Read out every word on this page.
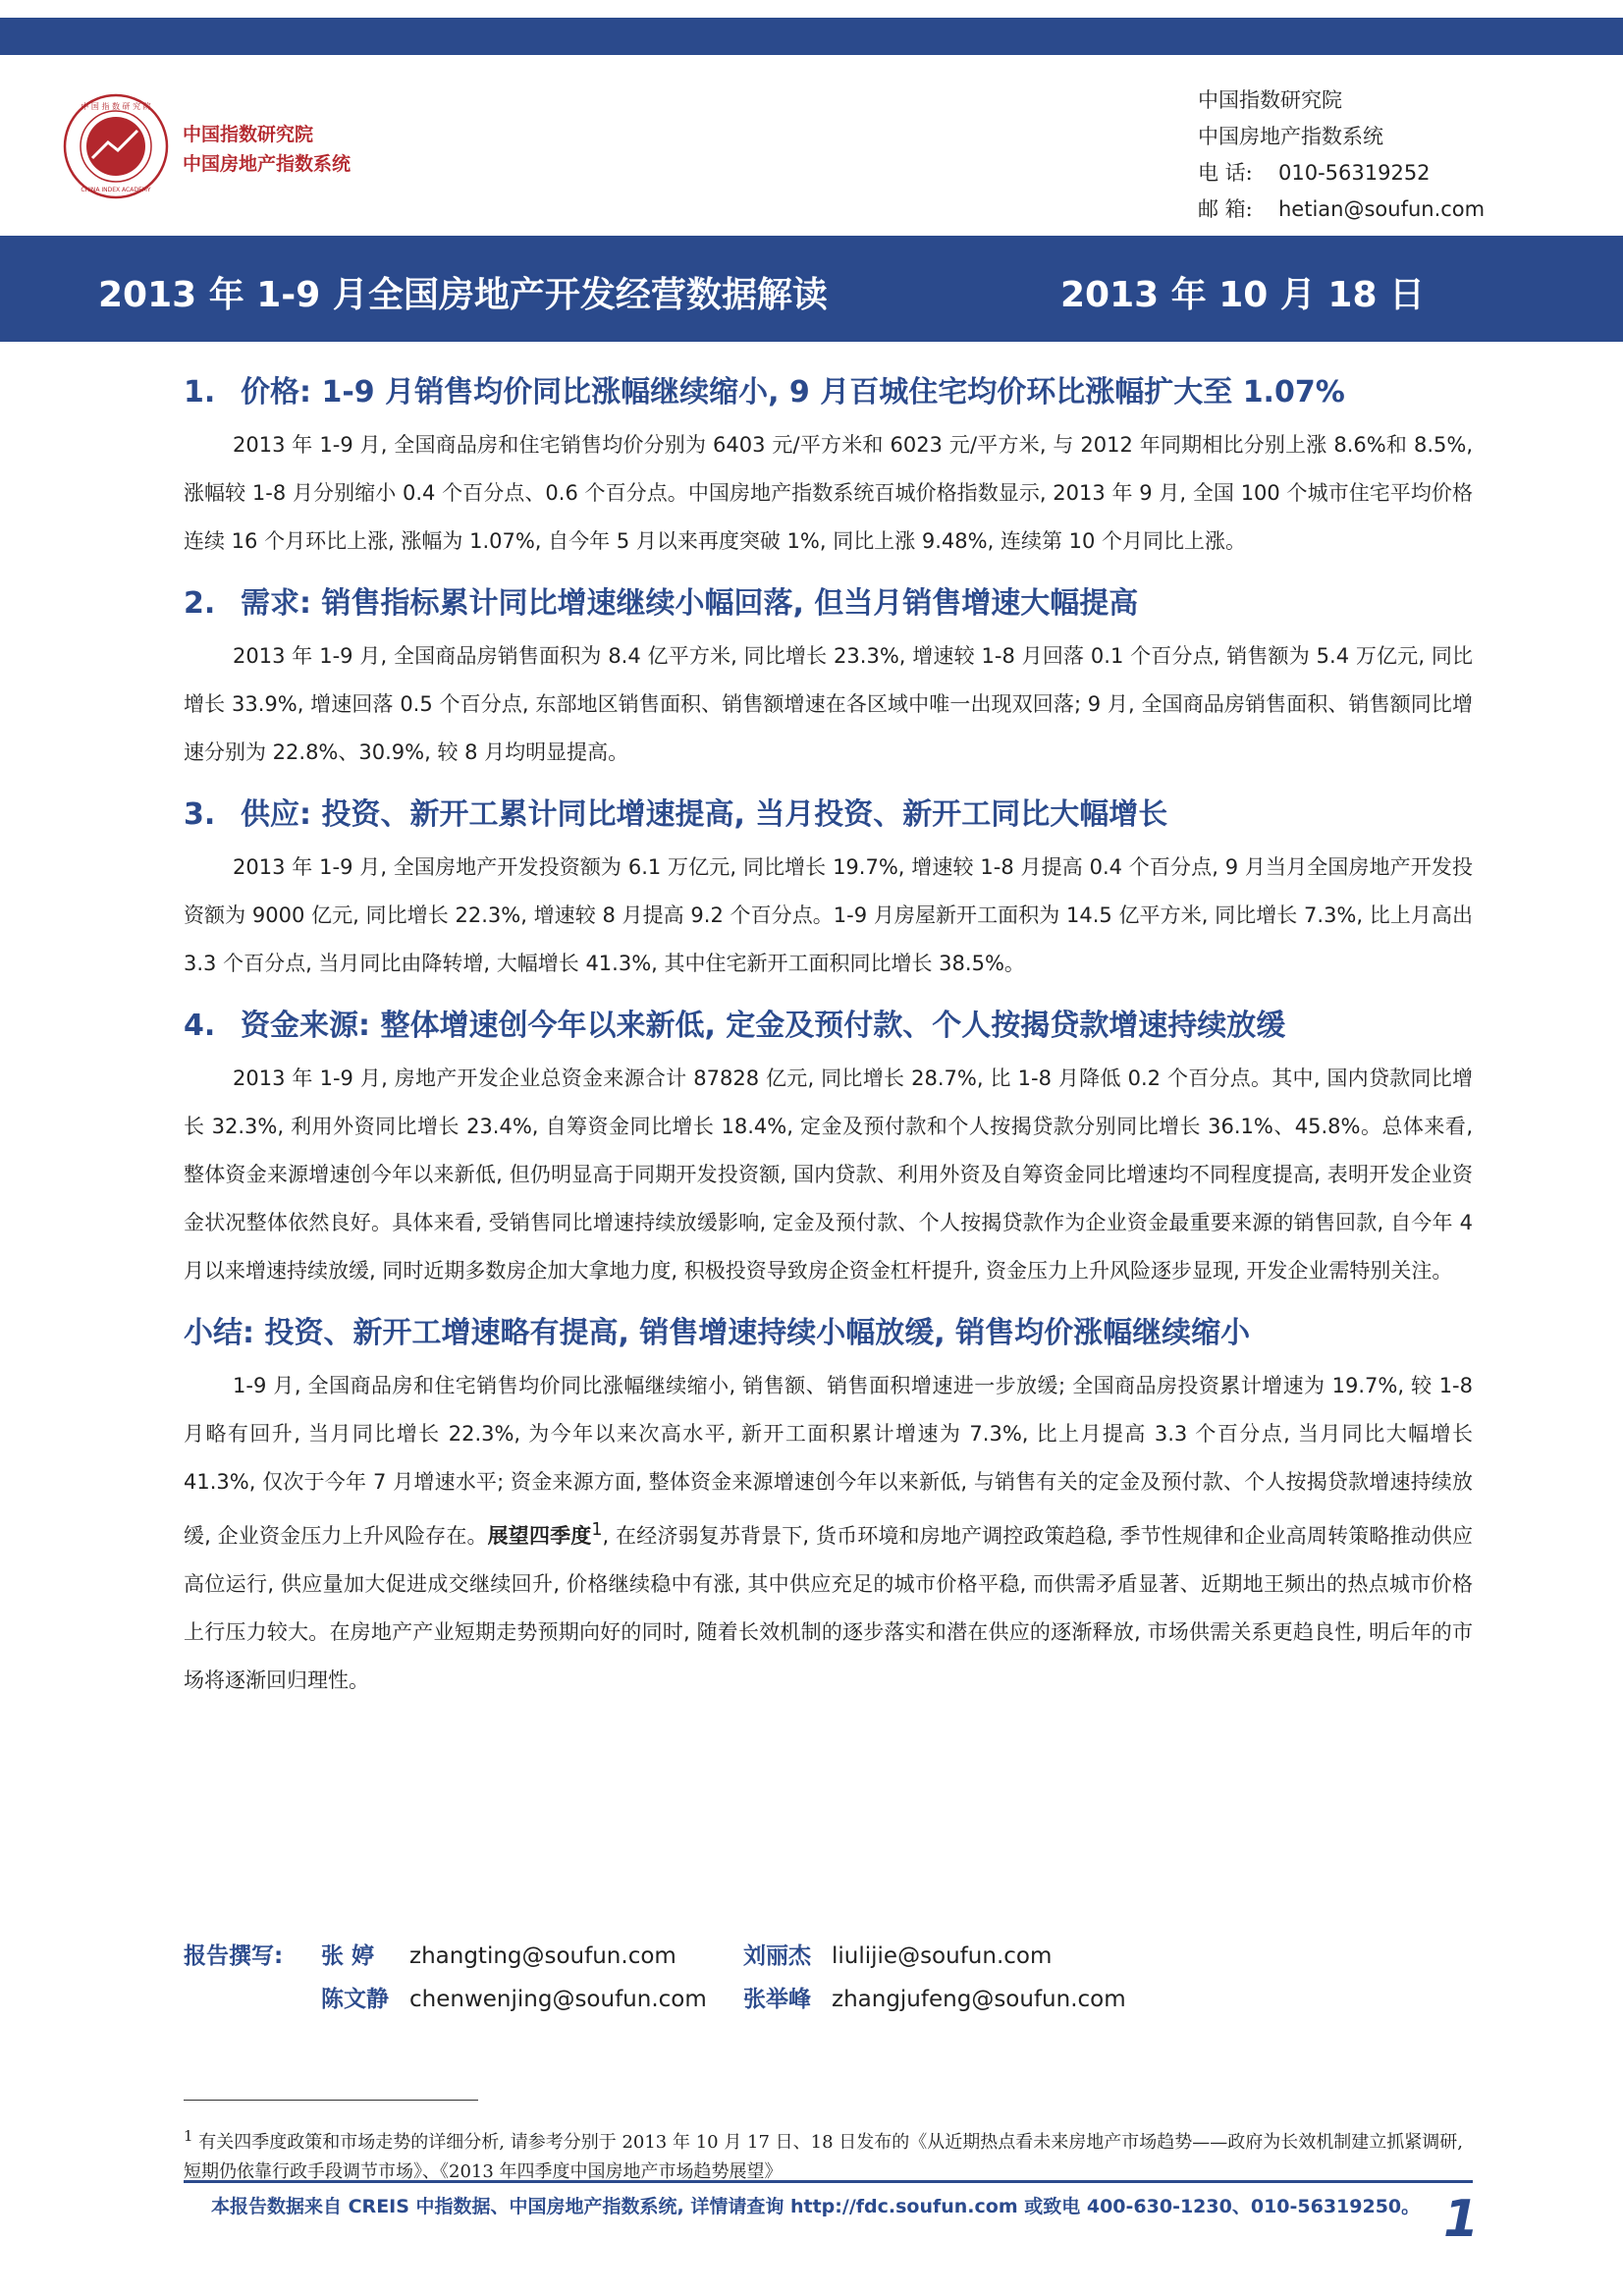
中 国 指 数 研 究 院
CHINA INDEX ACADEMY
中国指数研究院
中国房地产指数系统
中国指数研究院
中国房地产指数系统
电 话: 010-56319252
邮 箱: hetian@soufun.com
2013 年 1-9 月全国房地产开发经营数据解读	2013 年 10 月 18 日
1. 价格: 1-9 月销售均价同比涨幅继续缩小, 9 月百城住宅均价环比涨幅扩大至 1.07%

2013 年 1-9 月, 全国商品房和住宅销售均价分别为 6403 元/平方米和 6023 元/平方米, 与 2012 年同期相比分别上涨 8.6%和 8.5%, 涨幅较 1-8 月分别缩小 0.4 个百分点、0.6 个百分点。中国房地产指数系统百城价格指数显示, 2013 年 9 月, 全国 100 个城市住宅平均价格连续 16 个月环比上涨, 涨幅为 1.07%, 自今年 5 月以来再度突破 1%, 同比上涨 9.48%, 连续第 10 个月同比上涨。

2. 需求: 销售指标累计同比增速继续小幅回落, 但当月销售增速大幅提高

2013 年 1-9 月, 全国商品房销售面积为 8.4 亿平方米, 同比增长 23.3%, 增速较 1-8 月回落 0.1 个百分点, 销售额为 5.4 万亿元, 同比增长 33.9%, 增速回落 0.5 个百分点, 东部地区销售面积、销售额增速在各区域中唯一出现双回落; 9 月, 全国商品房销售面积、销售额同比增速分别为 22.8%、30.9%, 较 8 月均明显提高。

3. 供应: 投资、新开工累计同比增速提高, 当月投资、新开工同比大幅增长

2013 年 1-9 月, 全国房地产开发投资额为 6.1 万亿元, 同比增长 19.7%, 增速较 1-8 月提高 0.4 个百分点, 9 月当月全国房地产开发投资额为 9000 亿元, 同比增长 22.3%, 增速较 8 月提高 9.2 个百分点。1-9 月房屋新开工面积为 14.5 亿平方米, 同比增长 7.3%, 比上月高出 3.3 个百分点, 当月同比由降转增, 大幅增长 41.3%, 其中住宅新开工面积同比增长 38.5%。

4. 资金来源: 整体增速创今年以来新低, 定金及预付款、个人按揭贷款增速持续放缓

2013 年 1-9 月, 房地产开发企业总资金来源合计 87828 亿元, 同比增长 28.7%, 比 1-8 月降低 0.2 个百分点。其中, 国内贷款同比增长 32.3%, 利用外资同比增长 23.4%, 自筹资金同比增长 18.4%, 定金及预付款和个人按揭贷款分别同比增长 36.1%、45.8%。总体来看, 整体资金来源增速创今年以来新低, 但仍明显高于同期开发投资额, 国内贷款、利用外资及自筹资金同比增速均不同程度提高, 表明开发企业资金状况整体依然良好。具体来看, 受销售同比增速持续放缓影响, 定金及预付款、个人按揭贷款作为企业资金最重要来源的销售回款, 自今年 4 月以来增速持续放缓, 同时近期多数房企加大拿地力度, 积极投资导致房企资金杠杆提升, 资金压力上升风险逐步显现, 开发企业需特别关注。

小结: 投资、新开工增速略有提高, 销售增速持续小幅放缓, 销售均价涨幅继续缩小

1-9 月, 全国商品房和住宅销售均价同比涨幅继续缩小, 销售额、销售面积增速进一步放缓; 全国商品房投资累计增速为 19.7%, 较 1-8 月略有回升, 当月同比增长 22.3%, 为今年以来次高水平, 新开工面积累计增速为 7.3%, 比上月提高 3.3 个百分点, 当月同比大幅增长 41.3%, 仅次于今年 7 月增速水平; 资金来源方面, 整体资金来源增速创今年以来新低, 与销售有关的定金及预付款、个人按揭贷款增速持续放缓, 企业资金压力上升风险存在。展望四季度$^1$, 在经济弱复苏背景下, 货币环境和房地产调控政策趋稳, 季节性规律和企业高周转策略推动供应高位运行, 供应量加大促进成交继续回升, 价格继续稳中有涨, 其中供应充足的城市价格平稳, 而供需矛盾显著、近期地王频出的热点城市价格上行压力较大。在房地产产业短期走势预期向好的同时, 随着长效机制的逐步落实和潜在供应的逐渐释放, 市场供需关系更趋良性, 明后年的市场将逐渐回归理性。

报告撰写: 张 婷 zhangting@soufun.com	刘丽杰 liulijie@soufun.com
陈文静 chenwenjing@soufun.com 张举峰 zhangjufeng@soufun.com
$^1$ 有关四季度政策和市场走势的详细分析, 请参考分别于 2013 年 10 月 17 日、18 日发布的《从近期热点看未来房地产市场趋势——政府为长效机制建立抓紧调研, 短期仍依靠行政手段调节市场》、《2013 年四季度中国房地产市场趋势展望》
本报告数据来自 CREIS 中指数据、中国房地产指数系统, 详情请查询 http://fdc.soufun.com 或致电 400-630-1230、010-56319250。 1
